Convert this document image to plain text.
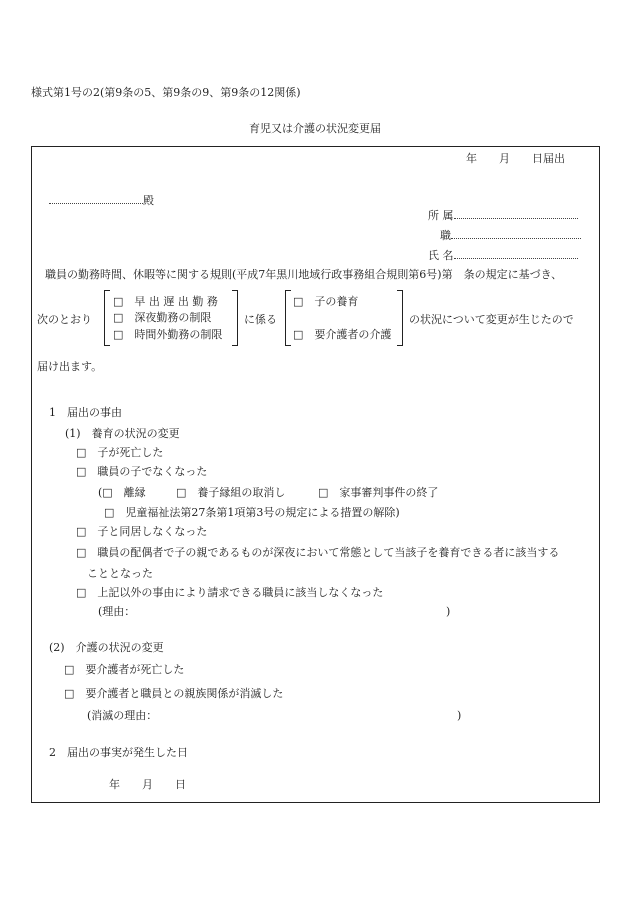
様式第1号の2(第9条の5、第9条の9、第9条の12関係)
育児又は介護の状況変更届
年　　月　　日届出
殿
所 属
職
氏 名
職員の勤務時間、休暇等に関する規則(平成7年黒川地域行政事務組合規則第6号)第　条の規定に基づき、
次のとおり
□　 早 出 遅 出 勤 務
□　 深夜勤務の制限
□　 時間外勤務の制限
に係る
□　 子の養育
□　 要介護者の介護
の状況について変更が生じたので
届け出ます。
1　届出の事由
(1)　養育の状況の変更
□　 子が死亡した
□　 職員の子でなくなった
(□　離縁	□　養子縁組の取消し	□　家事審判事件の終了
□　児童福祉法第27条第1項第3号の規定による措置の解除)
□　 子と同居しなくなった
□　 職員の配偶者で子の親であるものが深夜において常態として当該子を養育できる者に該当する
こととなった
□　 上記以外の事由により請求できる職員に該当しなくなった
(理由：	)
(2)　介護の状況の変更
□　 要介護者が死亡した
□　 要介護者と職員との親族関係が消滅した
(消滅の理由：	)
2　届出の事実が発生した日
年　　月　　日
